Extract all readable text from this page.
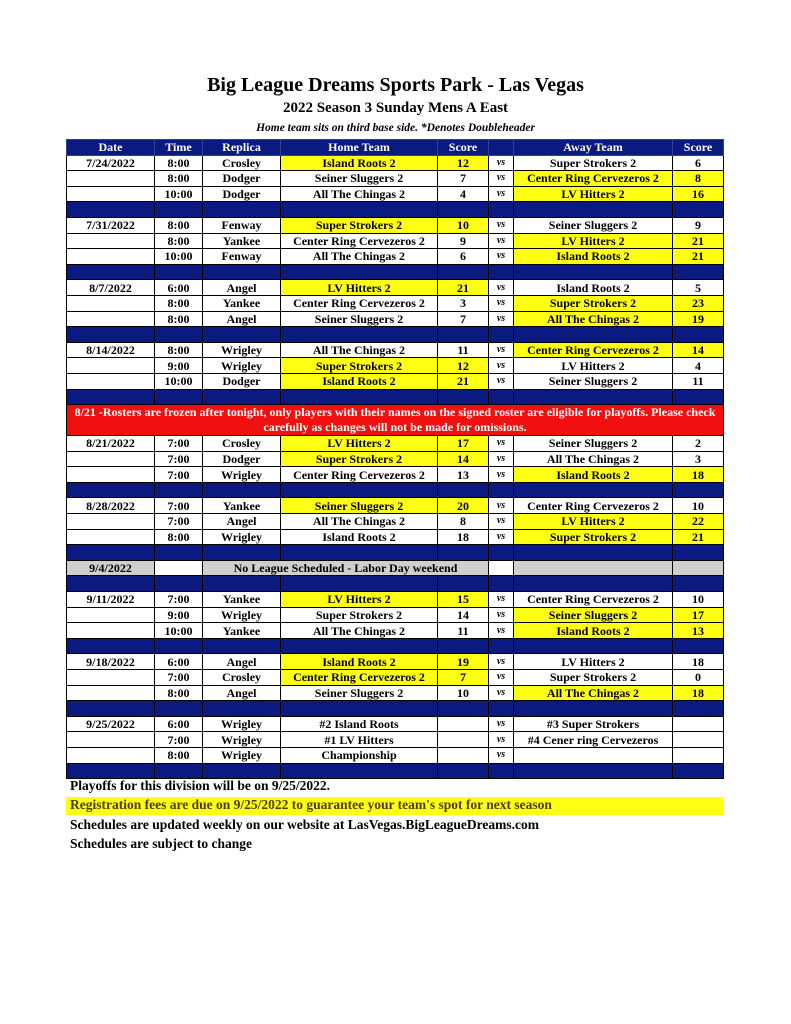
Big League Dreams Sports Park - Las Vegas
2022 Season 3 Sunday Mens A East
Home team sits on third base side. *Denotes Doubleheader
Date	Time	Replica	Home Team	Score		Away Team	Score
7/24/2022	8:00	Crosley	Island Roots 2	12	vs	Super Strokers 2	6
	8:00	Dodger	Seiner Sluggers 2	7	vs	Center Ring Cervezeros 2	8
	10:00	Dodger	All The Chingas 2	4	vs	LV Hitters 2	16

7/31/2022	8:00	Fenway	Super Strokers 2	10	vs	Seiner Sluggers 2	9
	8:00	Yankee	Center Ring Cervezeros 2	9	vs	LV Hitters 2	21
	10:00	Fenway	All The Chingas 2	6	vs	Island Roots 2	21

8/7/2022	6:00	Angel	LV Hitters 2	21	vs	Island Roots 2	5
	8:00	Yankee	Center Ring Cervezeros 2	3	vs	Super Strokers 2	23
	8:00	Angel	Seiner Sluggers 2	7	vs	All The Chingas 2	19

8/14/2022	8:00	Wrigley	All The Chingas 2	11	vs	Center Ring Cervezeros 2	14
	9:00	Wrigley	Super Strokers 2	12	vs	LV Hitters 2	4
	10:00	Dodger	Island Roots 2	21	vs	Seiner Sluggers 2	11

8/21 -Rosters are frozen after tonight, only players with their names on the signed roster are eligible for playoffs. Please check carefully as changes will not be made for omissions.							
8/21/2022	7:00	Crosley	LV Hitters 2	17	vs	Seiner Sluggers 2	2
	7:00	Dodger	Super Strokers 2	14	vs	All The Chingas 2	3
	7:00	Wrigley	Center Ring Cervezeros 2	13	vs	Island Roots 2	18

8/28/2022	7:00	Yankee	Seiner Sluggers 2	20	vs	Center Ring Cervezeros 2	10
	7:00	Angel	All The Chingas 2	8	vs	LV Hitters 2	22
	8:00	Wrigley	Island Roots 2	18	vs	Super Strokers 2	21

9/4/2022		No League Scheduled - Labor Day weekend					

9/11/2022	7:00	Yankee	LV Hitters 2	15	vs	Center Ring Cervezeros 2	10
	9:00	Wrigley	Super Strokers 2	14	vs	Seiner Sluggers 2	17
	10:00	Yankee	All The Chingas 2	11	vs	Island Roots 2	13

9/18/2022	6:00	Angel	Island Roots 2	19	vs	LV Hitters 2	18
	7:00	Crosley	Center Ring Cervezeros 2	7	vs	Super Strokers 2	0
	8:00	Angel	Seiner Sluggers 2	10	vs	All The Chingas 2	18

9/25/2022	6:00	Wrigley	#2 Island Roots		vs	#3 Super Strokers	
	7:00	Wrigley	#1 LV Hitters		vs	#4 Cener ring Cervezeros	
	8:00	Wrigley	Championship		vs		

Playoffs for this division will be on 9/25/2022.
Registration fees are due on 9/25/2022 to guarantee your team's spot for next season
Schedules are updated weekly on our website at LasVegas.BigLeagueDreams.com
Schedules are subject to change
